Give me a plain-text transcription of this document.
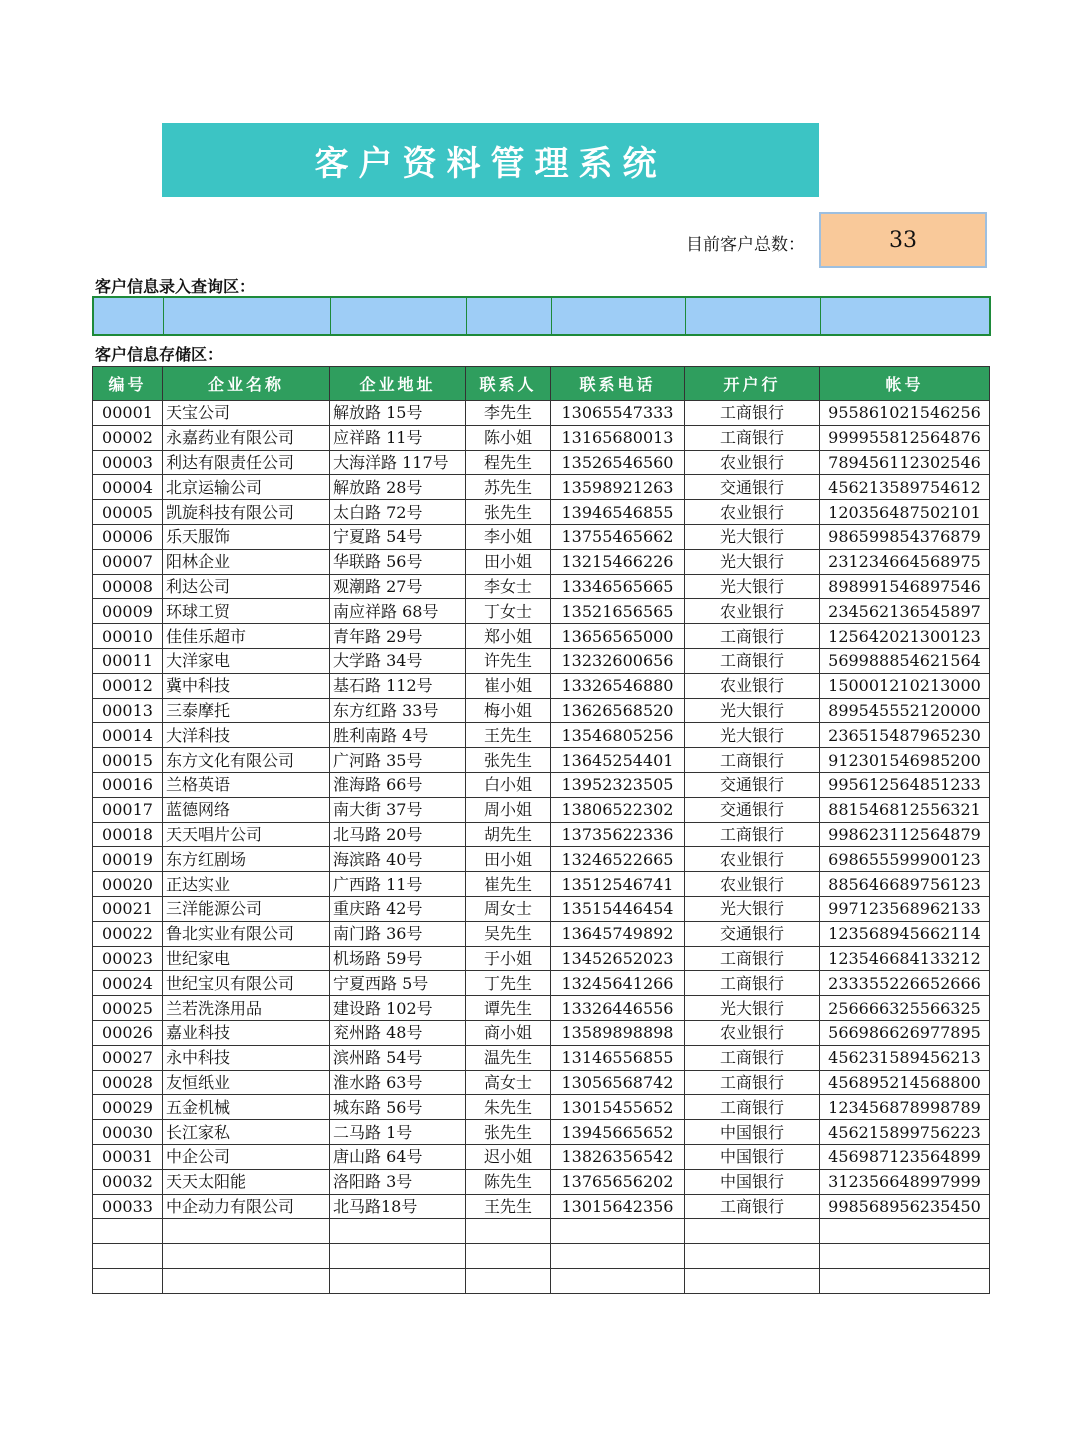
客户资料管理系统
目前客户总数：	33
客户信息录入查询区：

客户信息存储区：
编号	企业名称	企业地址	联系人	联系电话	开户行	帐号
00001	天宝公司	解放路 15号	李先生	13065547333	工商银行	955861021546256
00002	永嘉药业有限公司	应祥路 11号	陈小姐	13165680013	工商银行	999955812564876
00003	利达有限责任公司	大海洋路 117号	程先生	13526546560	农业银行	789456112302546
00004	北京运输公司	解放路 28号	苏先生	13598921263	交通银行	456213589754612
00005	凯旋科技有限公司	太白路 72号	张先生	13946546855	农业银行	120356487502101
00006	乐天服饰	宁夏路 54号	李小姐	13755465662	光大银行	986599854376879
00007	阳林企业	华联路 56号	田小姐	13215466226	光大银行	231234664568975
00008	利达公司	观潮路 27号	李女士	13346565665	光大银行	898991546897546
00009	环球工贸	南应祥路 68号	丁女士	13521656565	农业银行	234562136545897
00010	佳佳乐超市	青年路 29号	郑小姐	13656565000	工商银行	125642021300123
00011	大洋家电	大学路 34号	许先生	13232600656	工商银行	569988854621564
00012	冀中科技	基石路 112号	崔小姐	13326546880	农业银行	150001210213000
00013	三泰摩托	东方红路 33号	梅小姐	13626568520	光大银行	899545552120000
00014	大洋科技	胜利南路 4号	王先生	13546805256	光大银行	236515487965230
00015	东方文化有限公司	广河路 35号	张先生	13645254401	工商银行	912301546985200
00016	兰格英语	淮海路 66号	白小姐	13952323505	交通银行	995612564851233
00017	蓝德网络	南大街 37号	周小姐	13806522302	交通银行	881546812556321
00018	天天唱片公司	北马路 20号	胡先生	13735622336	工商银行	998623112564879
00019	东方红剧场	海滨路 40号	田小姐	13246522665	农业银行	698655599900123
00020	正达实业	广西路 11号	崔先生	13512546741	农业银行	885646689756123
00021	三洋能源公司	重庆路 42号	周女士	13515446454	光大银行	997123568962133
00022	鲁北实业有限公司	南门路 36号	吴先生	13645749892	交通银行	123568945662114
00023	世纪家电	机场路 59号	于小姐	13452652023	工商银行	123546684133212
00024	世纪宝贝有限公司	宁夏西路 5号	丁先生	13245641266	工商银行	233355226652666
00025	兰若洗涤用品	建设路 102号	谭先生	13326446556	光大银行	256666325566325
00026	嘉业科技	兖州路 48号	商小姐	13589898898	农业银行	566986626977895
00027	永中科技	滨州路 54号	温先生	13146556855	工商银行	456231589456213
00028	友恒纸业	淮水路 63号	高女士	13056568742	工商银行	456895214568800
00029	五金机械	城东路 56号	朱先生	13015455652	工商银行	123456878998789
00030	长江家私	二马路 1号	张先生	13945665652	中国银行	456215899756223
00031	中企公司	唐山路 64号	迟小姐	13826356542	中国银行	456987123564899
00032	天天太阳能	洛阳路 3号	陈先生	13765656202	中国银行	312356648997999
00033	中企动力有限公司	北马路18号	王先生	13015642356	工商银行	998568956235450
